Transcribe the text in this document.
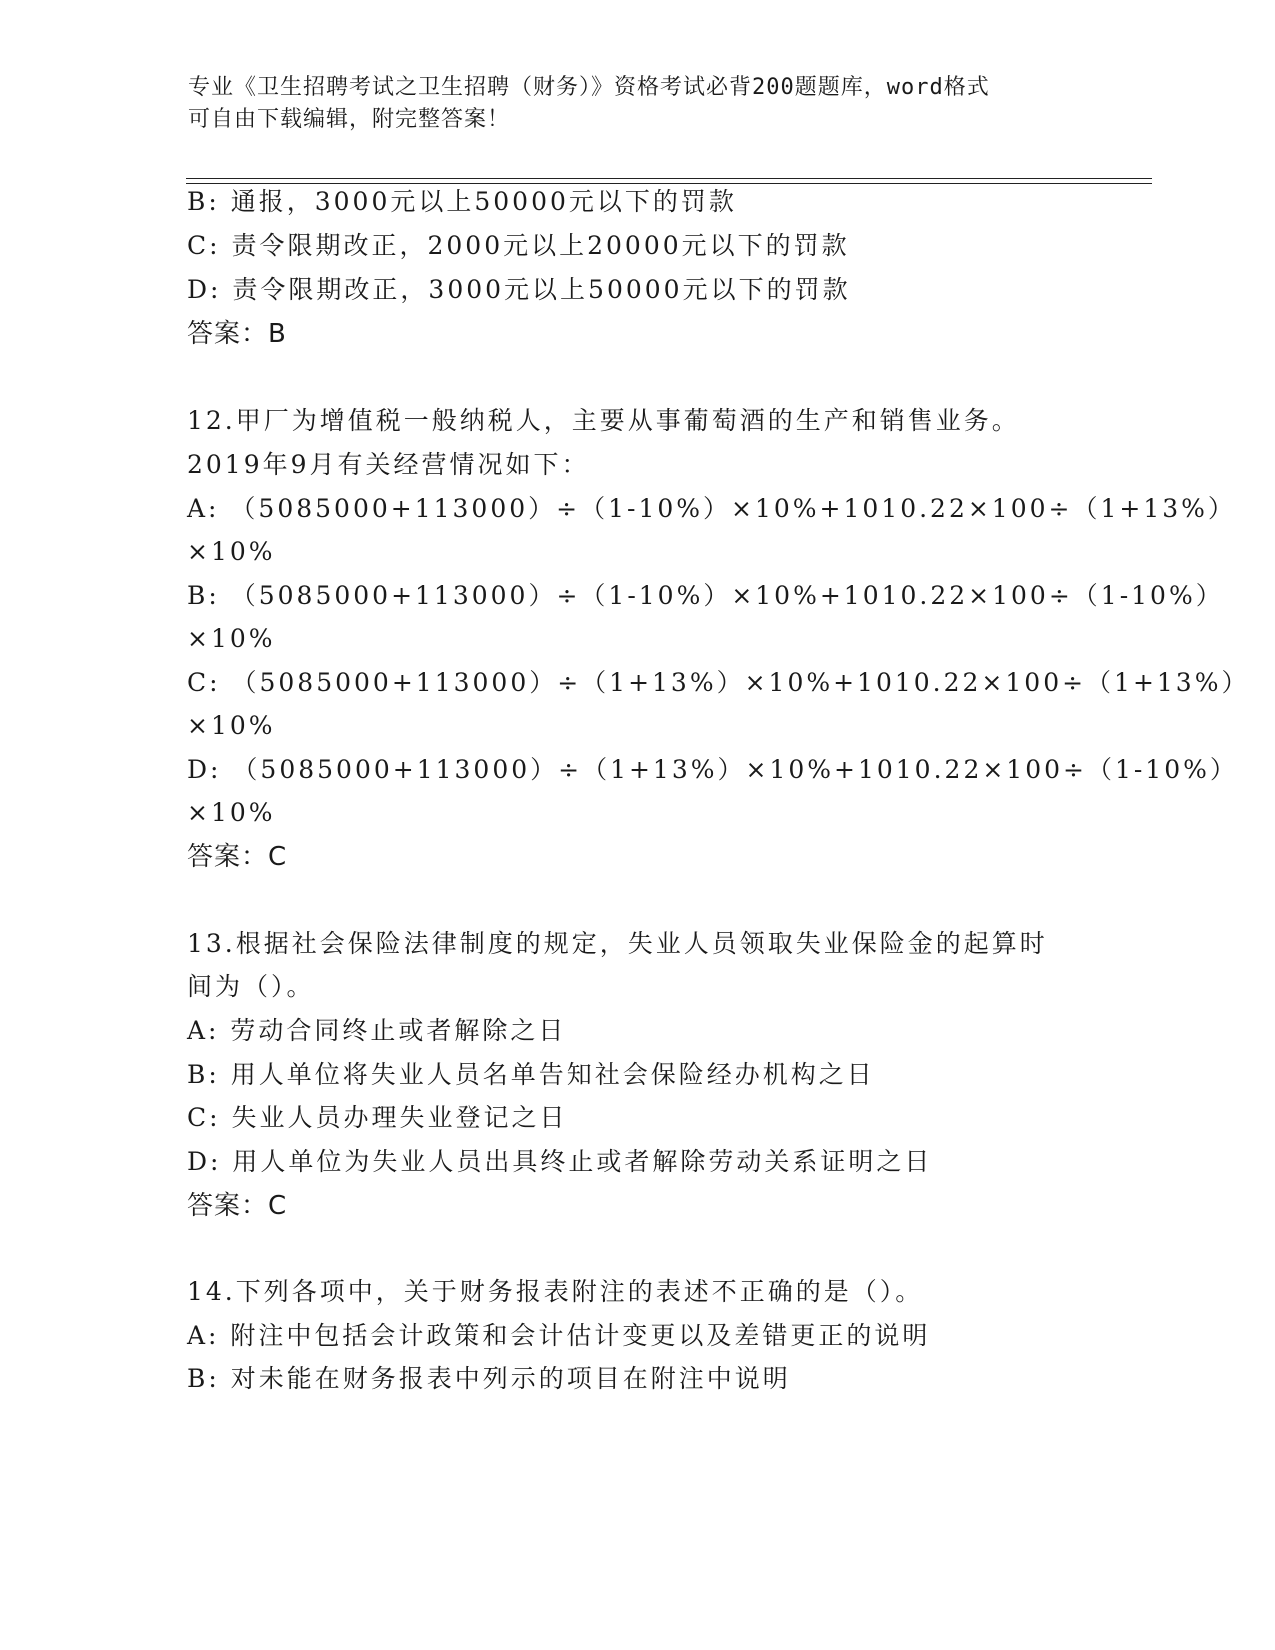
专业《卫生招聘考试之卫生招聘（财务）》资格考试必背200题题库，word格式
可自由下载编辑，附完整答案！
B: 通报，3000元以上50000元以下的罚款
C: 责令限期改正，2000元以上20000元以下的罚款
D: 责令限期改正，3000元以上50000元以下的罚款
答案：B
12.甲厂为增值税一般纳税人，主要从事葡萄酒的生产和销售业务。
2019年9月有关经营情况如下：
A: （5085000+113000）÷（1-10%）×10%+1010.22×100÷（1+13%）
×10%
B: （5085000+113000）÷（1-10%）×10%+1010.22×100÷（1-10%）
×10%
C: （5085000+113000）÷（1+13%）×10%+1010.22×100÷（1+13%）
×10%
D: （5085000+113000）÷（1+13%）×10%+1010.22×100÷（1-10%）
×10%
答案：C
13.根据社会保险法律制度的规定，失业人员领取失业保险金的起算时
间为（）。
A: 劳动合同终止或者解除之日
B: 用人单位将失业人员名单告知社会保险经办机构之日
C: 失业人员办理失业登记之日
D: 用人单位为失业人员出具终止或者解除劳动关系证明之日
答案：C
14.下列各项中，关于财务报表附注的表述不正确的是（）。
A: 附注中包括会计政策和会计估计变更以及差错更正的说明
B: 对未能在财务报表中列示的项目在附注中说明
